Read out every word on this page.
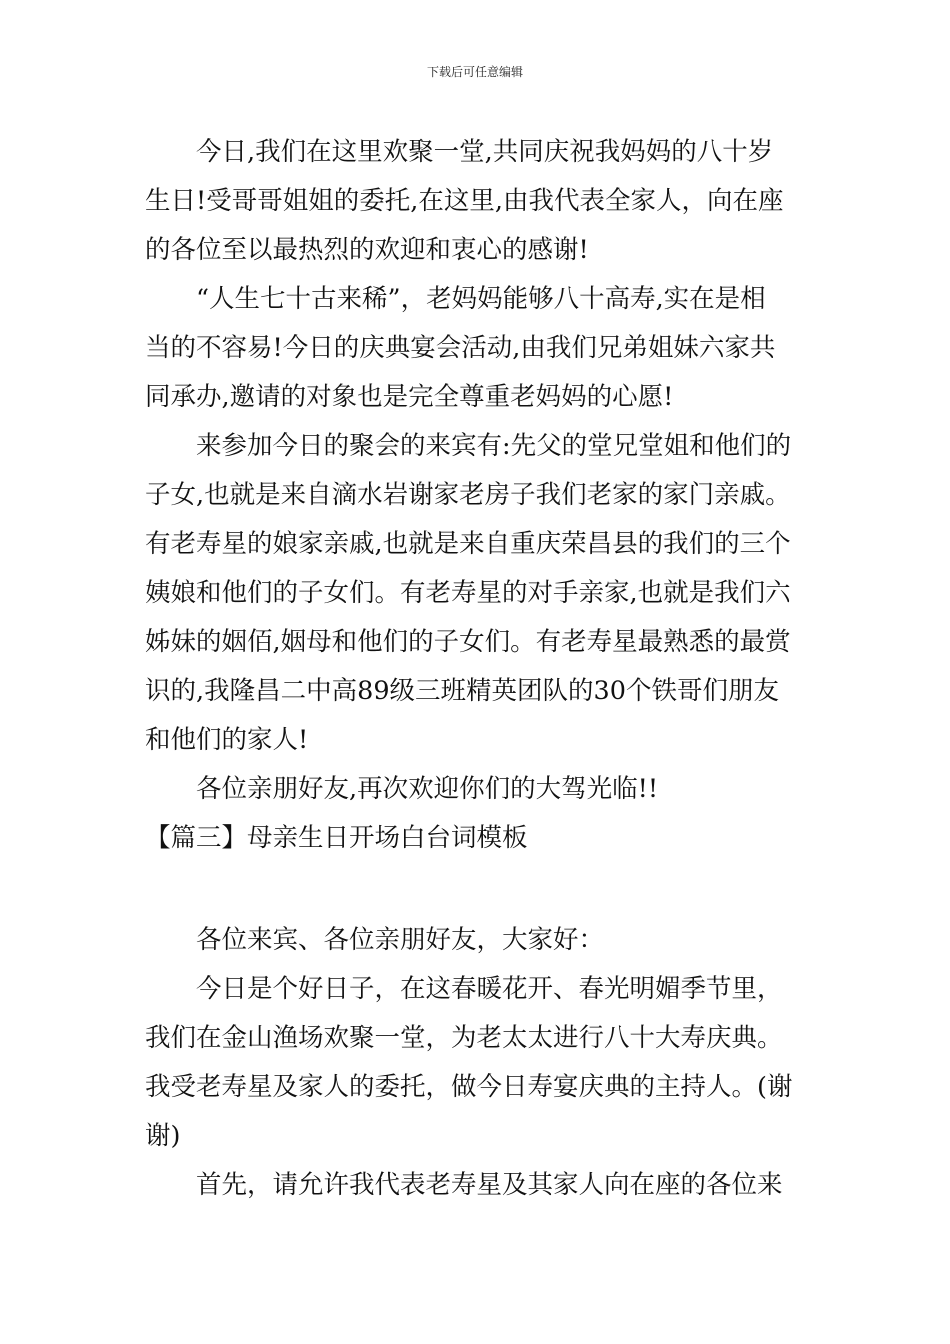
下载后可任意编辑
今日,我们在这里欢聚一堂,共同庆祝我妈妈的八十岁
生日!受哥哥姐姐的委托,在这里,由我代表全家人，向在座
的各位至以最热烈的欢迎和衷心的感谢!
“人生七十古来稀”，老妈妈能够八十高寿,实在是相
当的不容易!今日的庆典宴会活动,由我们兄弟姐妹六家共
同承办,邀请的对象也是完全尊重老妈妈的心愿!
来参加今日的聚会的来宾有:先父的堂兄堂姐和他们的
子女,也就是来自滴水岩谢家老房子我们老家的家门亲戚。
有老寿星的娘家亲戚,也就是来自重庆荣昌县的我们的三个
姨娘和他们的子女们。有老寿星的对手亲家,也就是我们六
姊妹的姻佰,姻母和他们的子女们。有老寿星最熟悉的最赏
识的,我隆昌二中高89级三班精英团队的30个铁哥们朋友
和他们的家人!
各位亲朋好友,再次欢迎你们的大驾光临!!
【篇三】母亲生日开场白台词模板
各位来宾、各位亲朋好友，大家好：
今日是个好日子，在这春暖花开、春光明媚季节里，
我们在金山渔场欢聚一堂，为老太太进行八十大寿庆典。
我受老寿星及家人的委托，做今日寿宴庆典的主持人。(谢
谢)
首先，请允许我代表老寿星及其家人向在座的各位来
